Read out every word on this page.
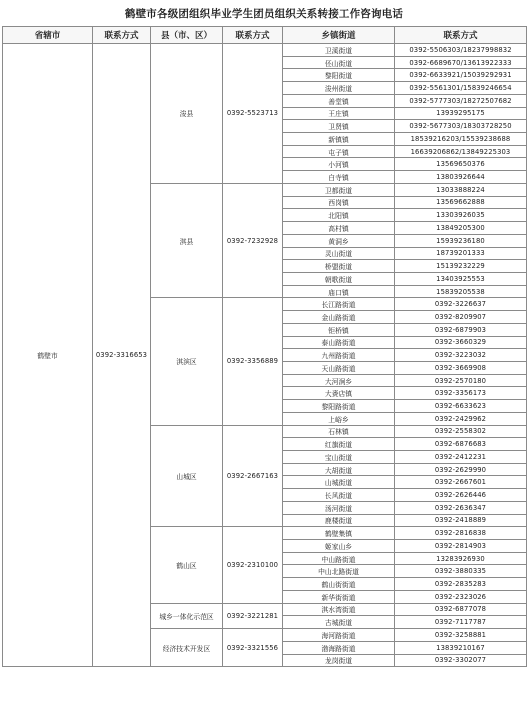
鹤壁市各级团组织毕业学生团员组织关系转接工作咨询电话
省辖市	联系方式	县（市、区）	联系方式	乡镇街道	联系方式
鹤壁市	0392-3316653	浚县	0392-5523713	卫溪街道	0392-5506303/18237998832
				伾山街道	0392-6689670/13613922333
				黎阳街道	0392-6633921/15039292931
				浚州街道	0392-5561301/15839246654
				善堂镇	0392-5777303/18272507682
				王庄镇	13939295175
				卫贤镇	0392-5677303/18303728250
				新镇镇	18539216203/15539238688
				屯子镇	16639206862/13849225303
				小河镇	13569650376
				白寺镇	13803926644
		淇县	0392-7232928	卫都街道	13033888224
				西岗镇	13569662888
				北阳镇	13303926035
				高村镇	13849205300
				黄洞乡	15939236180
				灵山街道	18739201333
				桥盟街道	15139232229
				朝歌街道	13403925553
				庙口镇	15839205538
		淇滨区	0392-3356889	长江路街道	0392-3226637
				金山路街道	0392-8209907
				钜桥镇	0392-6879903
				泰山路街道	0392-3660329
				九州路街道	0392-3223032
				天山路街道	0392-3669908
				大河涧乡	0392-2570180
				大赉店镇	0392-3356173
				黎阳路街道	0392-6633623
				上峪乡	0392-2429962
		山城区	0392-2667163	石林镇	0392-2558302
				红旗街道	0392-6876683
				宝山街道	0392-2412231
				大胡街道	0392-2629990
				山城街道	0392-2667601
				长风街道	0392-2626446
				汤河街道	0392-2636347
				鹿楼街道	0392-2418889
		鹤山区	0392-2310100	鹤壁集镇	0392-2816838
				姬家山乡	0392-2814903
				中山路街道	13283926930
				中山北路街道	0392-3880335
				鹤山街街道	0392-2835283
				新华街街道	0392-2323026
		城乡一体化示范区	0392-3221281	淇水湾街道	0392-6877078
				古城街道	0392-7117787
		经济技术开发区	0392-3321556	海河路街道	0392-3258881
				渤海路街道	13839210167
				龙岗街道	0392-3302077
